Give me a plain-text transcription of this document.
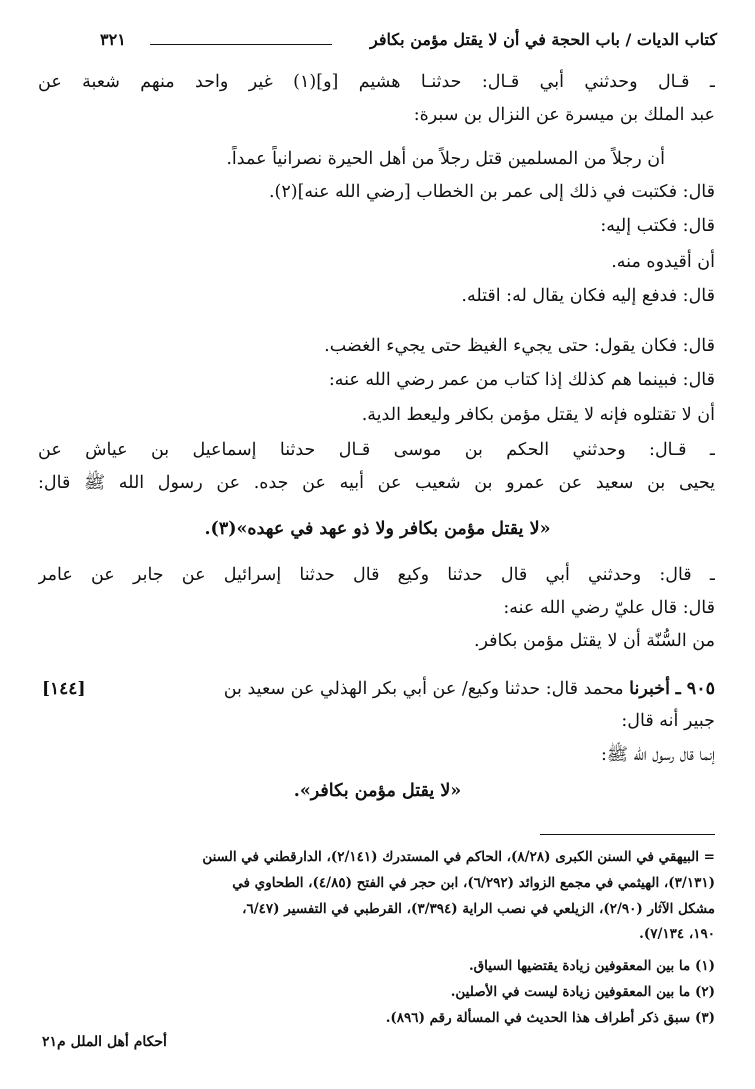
كتاب الديات / باب الحجة في أن لا يقتل مؤمن بكافر
٣٢١
ـ قـال وحدثني أبي قـال: حدثنـا هشيم [و](١) غير واحد منهم شعبة عن
عبد الملك بن ميسرة عن النزال بن سبرة:
أن رجلاً من المسلمين قتل رجلاً من أهل الحيرة نصرانياً عمداً.
قال: فكتبت في ذلك إلى عمر بن الخطاب [رضي الله عنه](٢).
قال: فكتب إليه:
أن أقيدوه منه.
قال: فدفع إليه فكان يقال له: اقتله.
قال: فكان يقول: حتى يجيء الغيظ حتى يجيء الغضب.
قال: فبينما هم كذلك إذا كتاب من عمر رضي الله عنه:
أن لا تقتلوه فإنه لا يقتل مؤمن بكافر وليعط الدية.
ـ قـال: وحدثني الحكم بن موسى قـال حدثنا إسماعيل بن عياش عن
يحيى بن سعيد عن عمرو بن شعيب عن أبيه عن جده. عن رسول الله ﷺ قال:
«لا يقتل مؤمن بكافر ولا ذو عهد في عهده»(٣).
ـ قال: وحدثني أبي قال حدثنا وكيع قال حدثنا إسرائيل عن جابر عن عامر
قال: قال عليّ رضي الله عنه:
من السُّنّة أن لا يقتل مؤمن بكافر.
٩٠٥ ـ أخبرنا محمد قال: حدثنا وكيع/ عن أبي بكر الهذلي عن سعيد بن
[١٤٤]
جبير أنه قال:
إنما قال رسول الله ﷺ:
«لا يقتل مؤمن بكافر».
= البيهقي في السنن الكبرى (٨/٢٨)، الحاكم في المستدرك (٢/١٤١)، الدارقطني في السنن
(٣/١٣١)، الهيثمي في مجمع الزوائد (٦/٢٩٢)، ابن حجر في الفتح (٤/٨٥)، الطحاوي في
مشكل الآثار (٢/٩٠)، الزيلعي في نصب الراية (٣/٣٩٤)، القرطبي في التفسير (٦/٤٧،
١٩٠، ٧/١٣٤).
(١) ما بين المعقوفين زيادة يقتضيها السياق.
(٢) ما بين المعقوفين زيادة ليست في الأصلين.
(٣) سبق ذكر أطراف هذا الحديث في المسألة رقم (٨٩٦).
أحكام أهل الملل م٢١
